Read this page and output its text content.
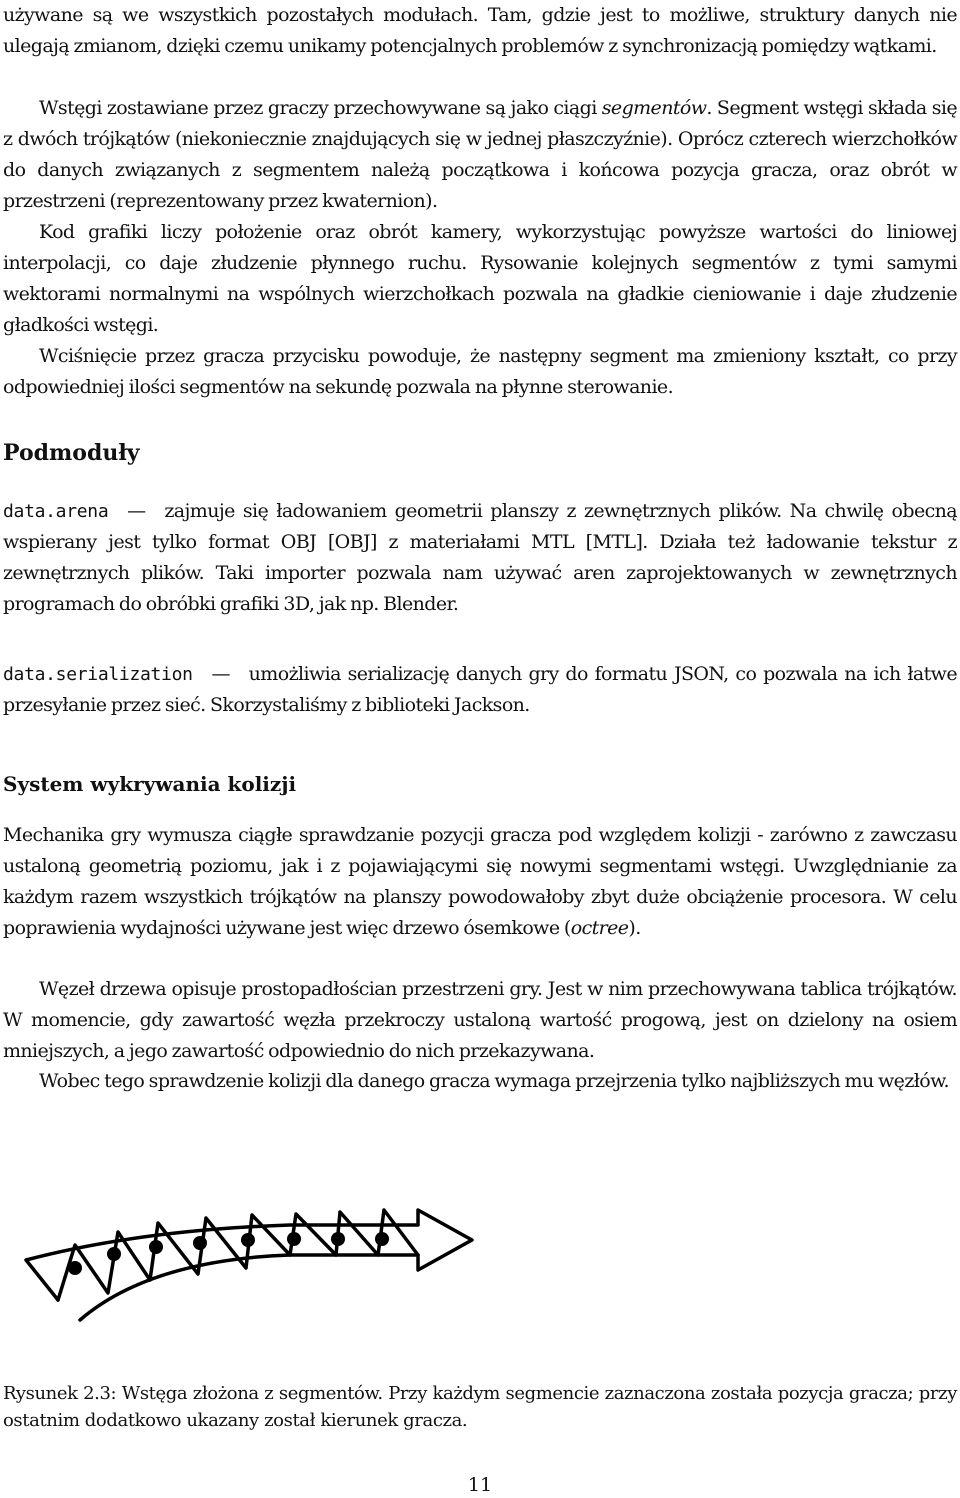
używane są we wszystkich pozostałych modułach. Tam, gdzie jest to możliwe, struktury danych nie ulegają zmianom, dzięki czemu unikamy potencjalnych problemów z synchronizacją pomiędzy wątkami.

Wstęgi zostawiane przez graczy przechowywane są jako ciągi segmentów. Segment wstęgi składa się z dwóch trójkątów (niekoniecznie znajdujących się w jednej płaszczyźnie). Oprócz czterech wierzchołków do danych związanych z segmentem należą początkowa i końcowa pozycja gracza, oraz obrót w przestrzeni (reprezentowany przez kwaternion).

Kod grafiki liczy położenie oraz obrót kamery, wykorzystując powyższe wartości do liniowej interpolacji, co daje złudzenie płynnego ruchu. Rysowanie kolejnych segmentów z tymi samymi wektorami normalnymi na wspólnych wierzchołkach pozwala na gładkie cieniowanie i daje złudzenie gładkości wstęgi.

Wciśnięcie przez gracza przycisku powoduje, że następny segment ma zmieniony kształt, co przy odpowiedniej ilości segmentów na sekundę pozwala na płynne sterowanie.

Podmoduły

data.arena — zajmuje się ładowaniem geometrii planszy z zewnętrznych plików. Na chwilę obecną wspierany jest tylko format OBJ [OBJ] z materiałami MTL [MTL]. Działa też ładowanie tekstur z zewnętrznych plików. Taki importer pozwala nam używać aren zaprojektowanych w zewnętrznych programach do obróbki grafiki 3D, jak np. Blender.

data.serialization — umożliwia serializację danych gry do formatu JSON, co pozwala na ich łatwe przesyłanie przez sieć. Skorzystaliśmy z biblioteki Jackson.

System wykrywania kolizji

Mechanika gry wymusza ciągłe sprawdzanie pozycji gracza pod względem kolizji - zarówno z zawczasu ustaloną geometrią poziomu, jak i z pojawiającymi się nowymi segmentami wstęgi. Uwzględnianie za każdym razem wszystkich trójkątów na planszy powodowałoby zbyt duże obciążenie procesora. W celu poprawienia wydajności używane jest więc drzewo ósemkowe (octree).

Węzeł drzewa opisuje prostopadłościan przestrzeni gry. Jest w nim przechowywana tablica trójkątów. W momencie, gdy zawartość węzła przekroczy ustaloną wartość progową, jest on dzielony na osiem mniejszych, a jego zawartość odpowiednio do nich przekazywana.

Wobec tego sprawdzenie kolizji dla danego gracza wymaga przejrzenia tylko najbliższych mu węzłów.

Rysunek 2.3: Wstęga złożona z segmentów. Przy każdym segmencie zaznaczona została pozycja gracza; przy ostatnim dodatkowo ukazany został kierunek gracza.

11
